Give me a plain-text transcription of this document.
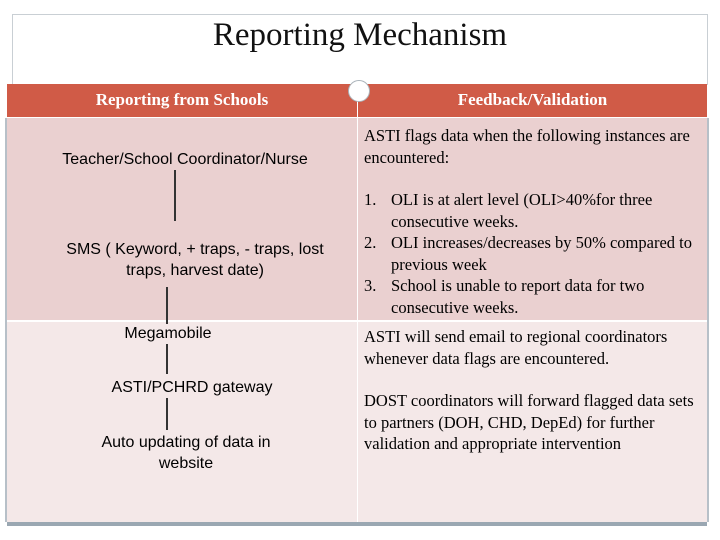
Reporting Mechanism
Reporting from Schools	Feedback/Validation
Teacher/School Coordinator/Nurse
SMS ( Keyword, + traps, - traps, lost traps, harvest date)
Megamobile
ASTI/PCHRD gateway
Auto updating of data in website

ASTI flags data when the following instances are encountered:

1. OLI is at alert level (OLI>40%for three consecutive weeks.
2. OLI increases/decreases by 50% compared to previous week
3. School is unable to report data for two consecutive weeks.

ASTI will send email to regional coordinators whenever data flags are encountered.

DOST coordinators will forward flagged data sets to partners (DOH, CHD, DepEd) for further validation and appropriate intervention
